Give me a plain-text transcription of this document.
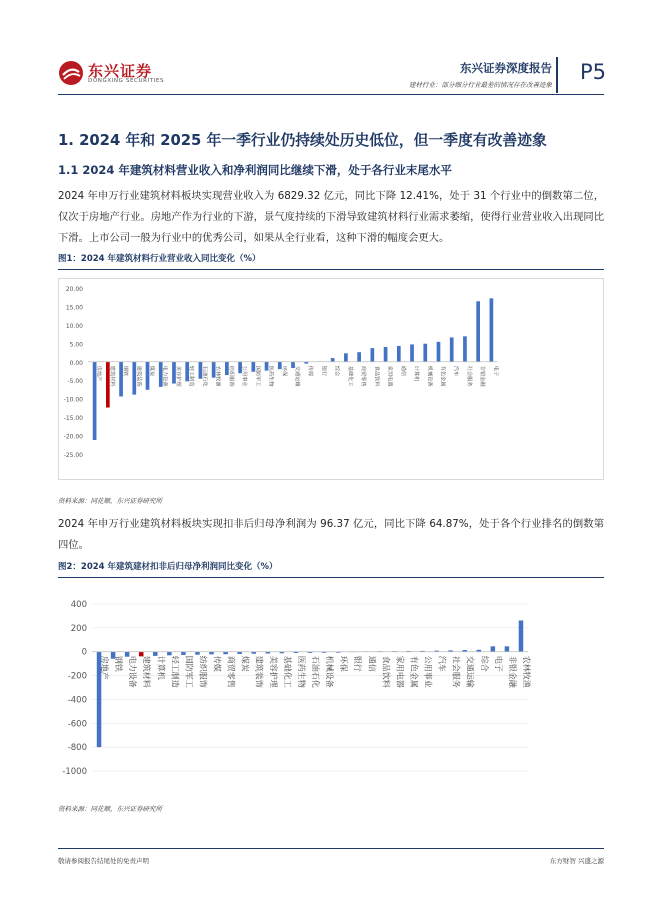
东兴证券
DONGXING SECURITIES
东兴证券深度报告
建材行业：部分细分行业最差的情况存在改善迹象
P5
1. 2024 年和 2025 年一季行业仍持续处历史低位，但一季度有改善迹象
1.1 2024 年建筑材料营业收入和净利润同比继续下滑，处于各行业末尾水平
2024 年申万行业建筑材料板块实现营业收入为 6829.32 亿元，同比下降 12.41%，处于 31 个行业中的倒数第二位，仅次于房地产行业。房地产作为行业的下游，景气度持续的下滑导致建筑材料行业需求萎缩，使得行业营业收入出现同比下滑。上市公司一般为行业中的优秀公司，如果从全行业看，这种下滑的幅度会更大。
图1：2024 年建筑材料行业营业收入同比变化（%）
20.00
15.00
10.00
5.00
0.00
-5.00
-10.00
-15.00
-20.00
-25.00
房地产	建筑材料	钢铁	建筑装饰	煤炭	电力设备	美容护理	轻工制造	石油石化	农林牧渔	纺织服饰	公用事业	国防军工	医药生物	环保	交通运输	传媒	银行	综合	基础化工	商贸零售	食品饮料	家用电器	通信	计算机	机械设备	有色金属	汽车	社会服务	非银金融	电子
资料来源：同花顺，东兴证券研究所
2024 年申万行业建筑材料板块实现扣非后归母净利润为 96.37 亿元，同比下降 64.87%，处于各个行业排名的倒数第四位。
图2：2024 年建筑建材扣非后归母净利润同比变化（%）
400
200
0
-200
-400
-600
-800
-1000
房地产 钢铁 电力设备 建筑材料 计算机 轻工制造 国防军工 纺织服饰 传媒 商贸零售 煤炭 建筑装饰 美容护理 基础化工 医药生物 石油石化 机械设备 环保 银行 通信 食品饮料 家用电器 有色金属 公用事业 汽车 社会服务 交通运输 综合 电子 非银金融 农林牧渔
资料来源：同花顺，东兴证券研究所
敬请参阅报告结尾处的免责声明	东方财智 兴盛之源
